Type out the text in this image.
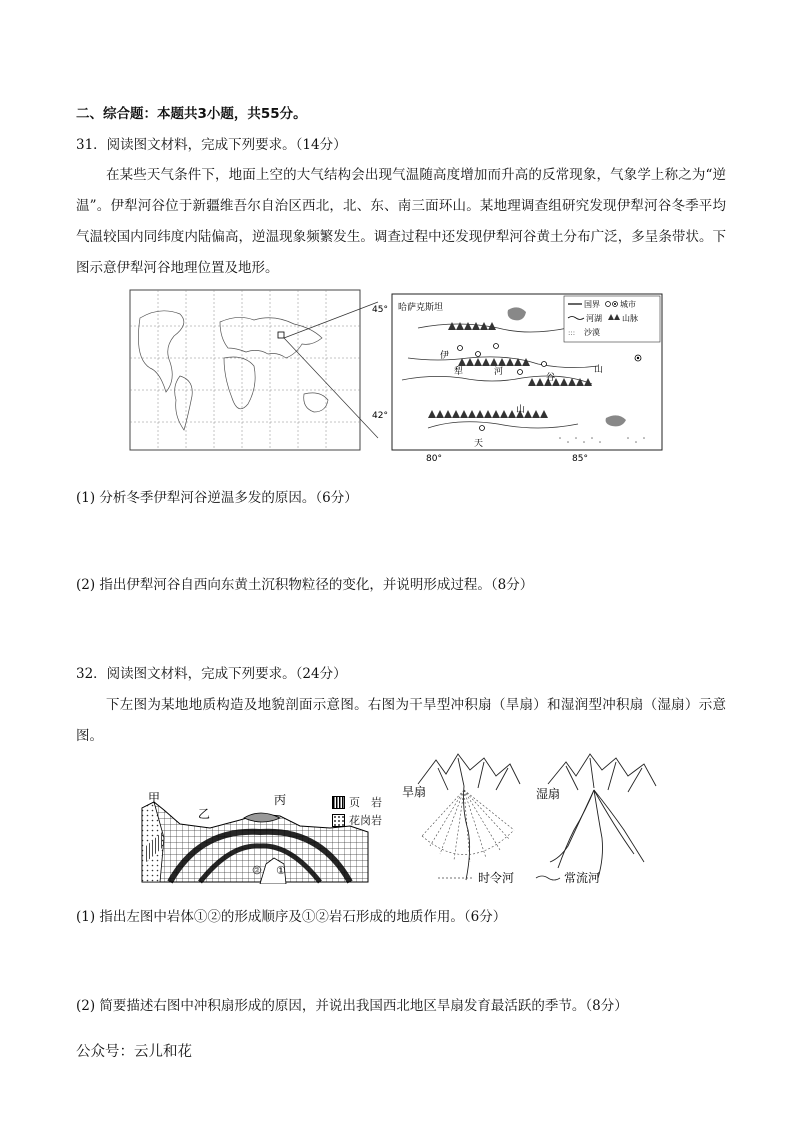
二、综合题：本题共3小题，共55分。
31．阅读图文材料，完成下列要求。（14分）
在某些天气条件下，地面上空的大气结构会出现气温随高度增加而升高的反常现象，气象学上称之为“逆温”。伊犁河谷位于新疆维吾尔自治区西北，北、东、南三面环山。某地理调查组研究发现伊犁河谷冬季平均气温较国内同纬度内陆偏高，逆温现象频繁发生。调查过程中还发现伊犁河谷黄土分布广泛，多呈条带状。下图示意伊犁河谷地理位置及地形。
国界	城市
河湖	山脉
::: 沙漠
哈萨克斯坦
伊
犁	河
谷
天
山
山
45°
42°
80°	85°
(1) 分析冬季伊犁河谷逆温多发的原因。（6分）
(2) 指出伊犁河谷自西向东黄土沉积物粒径的变化，并说明形成过程。（8分）
32．阅读图文材料，完成下列要求。（24分）
下左图为某地地质构造及地貌剖面示意图。右图为干旱型冲积扇（旱扇）和湿润型冲积扇（湿扇）示意图。
甲
乙
丙
② ①
页　岩
花岗岩
旱扇	湿扇
时令河	常流河
(1) 指出左图中岩体①②的形成顺序及①②岩石形成的地质作用。（6分）
(2) 简要描述右图中冲积扇形成的原因，并说出我国西北地区旱扇发育最活跃的季节。（8分）
公众号：云儿和花
